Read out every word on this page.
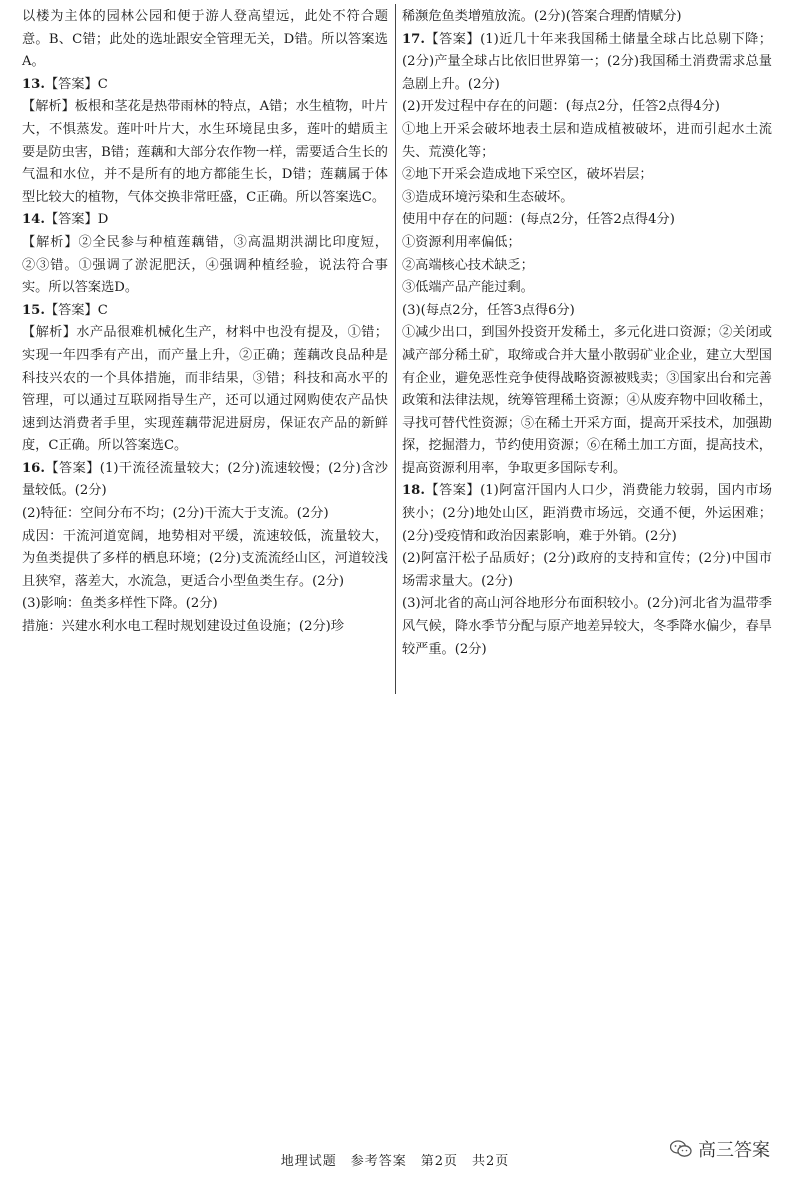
以楼为主体的园林公园和便于游人登高望远，此处不符合题意。B、C错；此处的选址跟安全管理无关，D错。所以答案选A。

13.【答案】C

【解析】板根和茎花是热带雨林的特点，A错；水生植物，叶片大，不惧蒸发。莲叶叶片大，水生环境昆虫多，莲叶的蜡质主要是防虫害，B错；莲藕和大部分农作物一样，需要适合生长的气温和水位，并不是所有的地方都能生长，D错；莲藕属于体型比较大的植物，气体交换非常旺盛，C正确。所以答案选C。

14.【答案】D

【解析】②全民参与种植莲藕错，③高温期洪湖比印度短，②③错。①强调了淤泥肥沃，④强调种植经验，说法符合事实。所以答案选D。

15.【答案】C

【解析】水产品很难机械化生产，材料中也没有提及，①错；实现一年四季有产出，而产量上升，②正确；莲藕改良品种是科技兴农的一个具体措施，而非结果，③错；科技和高水平的管理，可以通过互联网指导生产，还可以通过网购使农产品快速到达消费者手里，实现莲藕带泥进厨房，保证农产品的新鲜度，C正确。所以答案选C。

16.【答案】(1)干流径流量较大；(2分)流速较慢；(2分)含沙量较低。(2分)

(2)特征：空间分布不均；(2分)干流大于支流。(2分)

成因：干流河道宽阔，地势相对平缓，流速较低，流量较大，为鱼类提供了多样的栖息环境；(2分)支流流经山区，河道较浅且狭窄，落差大，水流急，更适合小型鱼类生存。(2分)

(3)影响：鱼类多样性下降。(2分)

措施：兴建水利水电工程时规划建设过鱼设施；(2分)珍

稀濒危鱼类增殖放流。(2分)(答案合理酌情赋分)

17.【答案】(1)近几十年来我国稀土储量全球占比总剔下降；(2分)产量全球占比依旧世界第一；(2分)我国稀土消费需求总量急剧上升。(2分)

(2)开发过程中存在的问题：(每点2分，任答2点得4分)

①地上开采会破坏地表土层和造成植被破坏，进而引起水土流失、荒漠化等；

②地下开采会造成地下采空区，破坏岩层；

③造成环境污染和生态破坏。

使用中存在的问题：(每点2分，任答2点得4分)

①资源利用率偏低；

②高端核心技术缺乏；

③低端产品产能过剩。

(3)(每点2分，任答3点得6分)

①减少出口，到国外投资开发稀土，多元化进口资源；②关闭或减产部分稀土矿，取缔或合并大量小散弱矿业企业，建立大型国有企业，避免恶性竞争使得战略资源被贱卖；③国家出台和完善政策和法律法规，统筹管理稀土资源；④从废弃物中回收稀土，寻找可替代性资源；⑤在稀土开采方面，提高开采技术，加强勘探，挖掘潜力，节约使用资源；⑥在稀土加工方面，提高技术，提高资源利用率，争取更多国际专利。

18.【答案】(1)阿富汗国内人口少，消费能力较弱，国内市场狭小；(2分)地处山区，距消费市场远，交通不便，外运困难；(2分)受疫情和政治因素影响，难于外销。(2分)

(2)阿富汗松子品质好；(2分)政府的支持和宣传；(2分)中国市场需求量大。(2分)

(3)河北省的高山河谷地形分布面积较小。(2分)河北省为温带季风气候，降水季节分配与原产地差异较大，冬季降水偏少，春旱较严重。(2分)

地理试题　参考答案　第2页　共2页
高三答案
